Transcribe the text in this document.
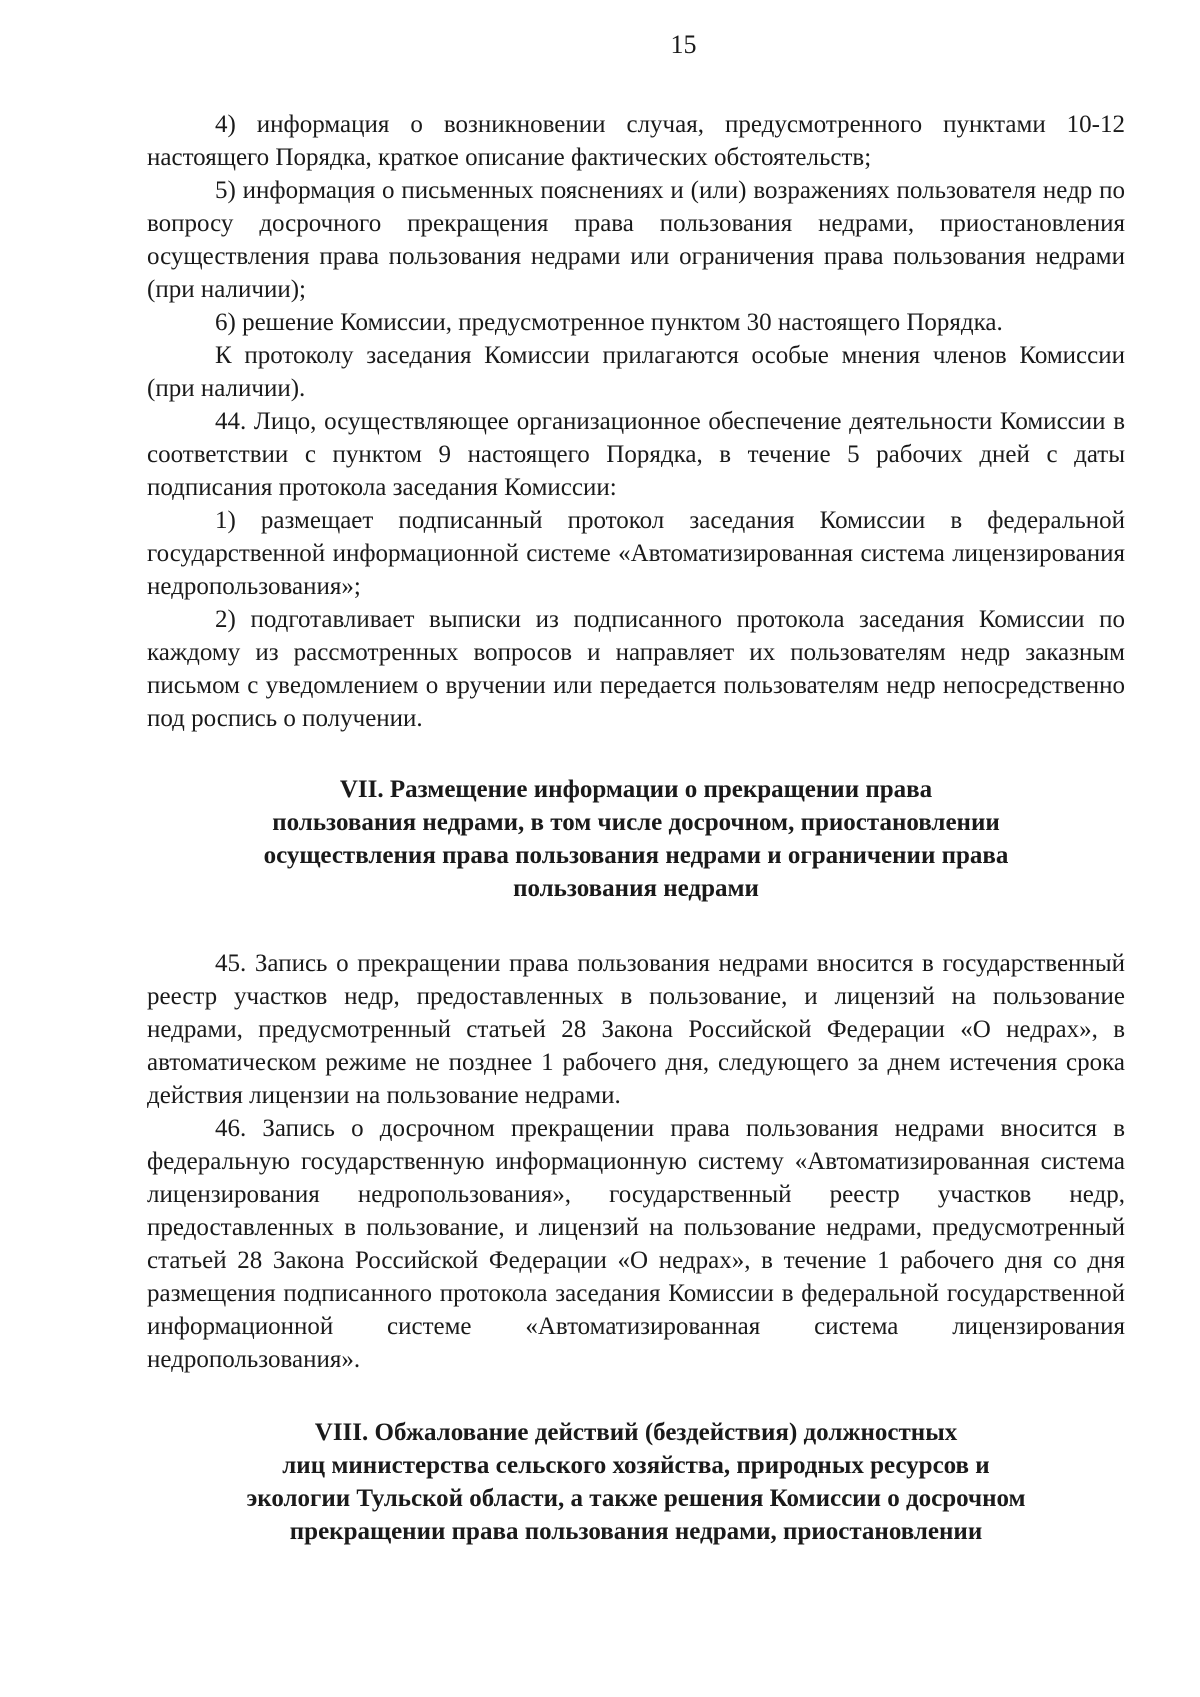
15

4) информация о возникновении случая, предусмотренного пунктами 10-12 настоящего Порядка, краткое описание фактических обстоятельств;

5) информация о письменных пояснениях и (или) возражениях пользователя недр по вопросу досрочного прекращения права пользования недрами, приостановления осуществления права пользования недрами или ограничения права пользования недрами (при наличии);

6) решение Комиссии, предусмотренное пунктом 30 настоящего Порядка.

К протоколу заседания Комиссии прилагаются особые мнения членов Комиссии (при наличии).

44. Лицо, осуществляющее организационное обеспечение деятельности Комиссии в соответствии с пунктом 9 настоящего Порядка, в течение 5 рабочих дней с даты подписания протокола заседания Комиссии:

1) размещает подписанный протокол заседания Комиссии в федеральной государственной информационной системе «Автоматизированная система лицензирования недропользования»;

2) подготавливает выписки из подписанного протокола заседания Комиссии по каждому из рассмотренных вопросов и направляет их пользователям недр заказным письмом с уведомлением о вручении или передается пользователям недр непосредственно под роспись о получении.

VII. Размещение информации о прекращении права
пользования недрами, в том числе досрочном, приостановлении
осуществления права пользования недрами и ограничении права
пользования недрами

45. Запись о прекращении права пользования недрами вносится в государственный реестр участков недр, предоставленных в пользование, и лицензий на пользование недрами, предусмотренный статьей 28 Закона Российской Федерации «О недрах», в автоматическом режиме не позднее 1 рабочего дня, следующего за днем истечения срока действия лицензии на пользование недрами.

46. Запись о досрочном прекращении права пользования недрами вносится в федеральную государственную информационную систему «Автоматизированная система лицензирования недропользования», государственный реестр участков недр, предоставленных в пользование, и лицензий на пользование недрами, предусмотренный статьей 28 Закона Российской Федерации «О недрах», в течение 1 рабочего дня со дня размещения подписанного протокола заседания Комиссии в федеральной государственной информационной системе «Автоматизированная система лицензирования недропользования».

VIII. Обжалование действий (бездействия) должностных
лиц министерства сельского хозяйства, природных ресурсов и
экологии Тульской области, а также решения Комиссии о досрочном
прекращении права пользования недрами, приостановлении
